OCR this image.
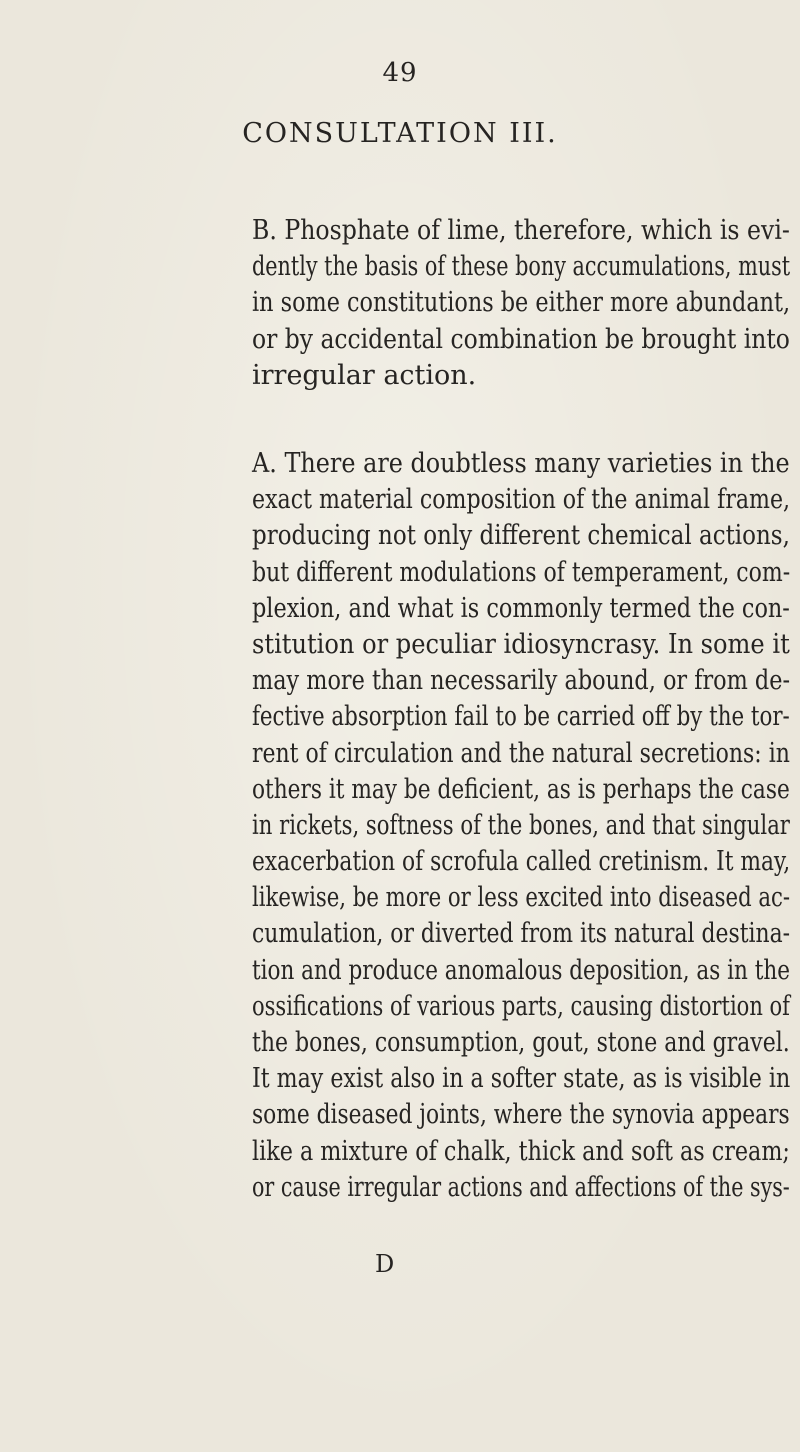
49
CONSULTATION III.

B. Phosphate of lime, therefore, which is evi-
dently the basis of these bony accumulations, must
in some constitutions be either more abundant,
or by accidental combination be brought into
irregular action.

A. There are doubtless many varieties in the
exact material composition of the animal frame,
producing not only different chemical actions,
but different modulations of temperament, com-
plexion, and what is commonly termed the con-
stitution or peculiar idiosyncrasy. In some it
may more than necessarily abound, or from de-
fective absorption fail to be carried off by the tor-
rent of circulation and the natural secretions: in
others it may be deficient, as is perhaps the case
in rickets, softness of the bones, and that singular
exacerbation of scrofula called cretinism. It may,
likewise, be more or less excited into diseased ac-
cumulation, or diverted from its natural destina-
tion and produce anomalous deposition, as in the
ossifications of various parts, causing distortion of
the bones, consumption, gout, stone and gravel.
It may exist also in a softer state, as is visible in
some diseased joints, where the synovia appears
like a mixture of chalk, thick and soft as cream;
or cause irregular actions and affections of the sys-

D
